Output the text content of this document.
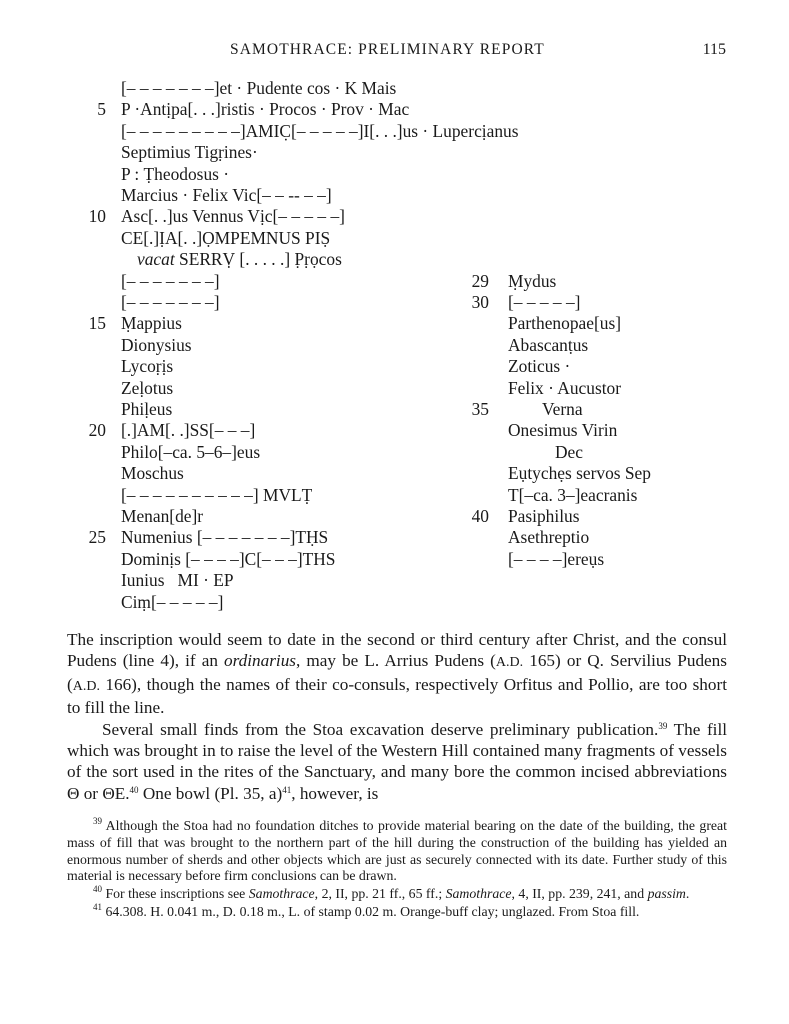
SAMOTHRACE: PRELIMINARY REPORT	115
[– – – – – – –]et · Pudente cos · K Mais
5 P ·Antịpa[. . .]ristis · Procos · Prov · Mac
[– – – – – – – – –]AMIC̣[– – – – –]I[. . .]us · Lupercịanus
Septimius Tigṛines·
P : Ṭheodosus ·
Marcius · Felix Vic[– – -- – –]
10 Asc[. .]us Vennus Vịc[– – – – –]
CE[.]ỊA[. .]ỌMPEMNUS PIṢ
vacat SERRṾ [. . . . .] P̣ṛọcos
[– – – – – – –]
[– – – – – – –]
15 Ṃappius
Dionysius
Lycoṛịs
Zeḷotus
Phiḷeus
20 [.]AM[. .]SS[– – –]
Philo[–ca. 5–6–]eus
Moschus
[– – – – – – – – – –] MVLṬ
Menan[de]r
25 Numenius [– – – – – – –]TḤS
Dominịs [– – – –]C[– – –]THS
Iunius   MI · EP
Ciṃ[– – – – –]
29 Ṃydus
30 [– – – – –]
Parthenopae[us]
Abascanṭus
Zoticus ·
Felix · Aucustor
35	Verna
Onesimus Virin
Dec
Eụtychẹs servos Sep
T[–ca. 3–]eacranis
40 Pasiphilus
Asethreptio
[– – – –]ereụs

The inscription would seem to date in the second or third century after Christ, and the consul Pudens (line 4), if an ordinarius, may be L. Arrius Pudens (A.D. 165) or Q. Servilius Pudens (A.D. 166), though the names of their co-consuls, respectively Orfitus and Pollio, are too short to fill the line.

Several small finds from the Stoa excavation deserve preliminary publication.$^{39}$ The fill which was brought in to raise the level of the Western Hill contained many fragments of vessels of the sort used in the rites of the Sanctuary, and many bore the common incised abbreviations Θ or ΘE.$^{40}$ One bowl (Pl. 35, a)$^{41}$, however, is

$^{39}$ Although the Stoa had no foundation ditches to provide material bearing on the date of the building, the great mass of fill that was brought to the northern part of the hill during the construction of the building has yielded an enormous number of sherds and other objects which are just as securely connected with its date. Further study of this material is necessary before firm conclusions can be drawn.

$^{40}$ For these inscriptions see Samothrace, 2, II, pp. 21 ff., 65 ff.; Samothrace, 4, II, pp. 239, 241, and passim.

$^{41}$ 64.308. H. 0.041 m., D. 0.18 m., L. of stamp 0.02 m. Orange-buff clay; unglazed. From Stoa fill.
